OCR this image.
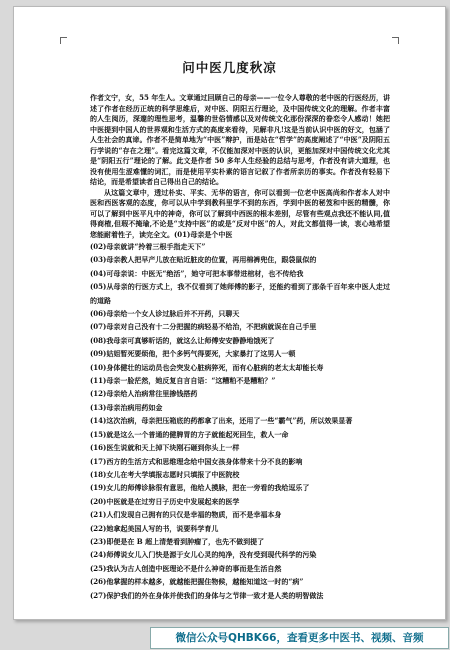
问中医几度秋凉

作者文宁，女，55 年生人。文章通过回顾自己的母亲——一位令人尊敬的老中医的行医经历，讲述了作者在经历正统的科学思维后，对中医、阴阳五行理论，及中国传统文化的理解。作者丰富的人生阅历，深邃的理性思考，温馨的世俗情感以及对传统文化那份深深的眷恋令人感动！她把中医提到中国人的世界观和生活方式的高度来看待，见解非凡!这是当前认识中医的好文，包涵了人生社会的真谛。作者不是简单地为“中医”辩护，而是站在“哲学”的高度阐述了“中医”及阴阳五行学说的“存在之理”。看完这篇文章，不仅能加深对中医的认识，更能加深对中国传统文化尤其是“阴阳五行”理论的了解。此文是作者 50 多年人生经验的总结与思考，作者没有讲大道理，也没有使用生涩难懂的词汇，而是使用平实朴素的语言记叙了作者所亲历的事实。作者没有轻易下结论，而是希望读者自己得出自己的结论。

从这篇文章中，透过朴实、平实、无华的语言，你可以看到一位老中医高尚和作者本人对中医和西医客观的态度，你可以从中学到教科里学不到的东西，学到中医的秘笈和中医的精髓，你可以了解到中医平凡中的神奇，你可以了解到中西医的根本差别，尽管有些观点我还不能认同,值得商榷,但瑕不掩瑜,不论是“支持中医”的或是“反对中医”的人，对此文都值得一读，衷心地希望您能耐着性子，读完全文。(01)母亲是个中医

(02)母亲就讲“拎着三根手指走天下”
(03)母亲教人把早产儿放在贴近脏皮的位置，再用棉裤兜住，跟袋鼠似的
(04)可母亲说：中医无“绝活”，她守可把本事带进棺材，也不传给我
(05)从母亲的行医方式上，我不仅看到了她师傅的影子，还能约看到了那条千百年来中医人走过的道路
(06)母亲给一个女人诊过脉后并不开药，只聊天
(07)母亲对自己没有十二分把握的病轻易不给治，不把病就误在自己手里
(08)我母亲可真够昕话的，就这么让师傅安安静静地饿死了
(09)姑姐暂死要烦他，把个多钙气得要死，大家暴打了这男人一顿
(10)身体健壮的运动员也会突发心脏病猝死，而有心脏病的老太太却能长寿
(11)母亲一脸茫然，她反复自言自语：“这糟粕不是糟粕？”
(12)母亲给人治病常往里掺钱搭药
(13)母亲治病用药如金
(14)这次治病，母亲把压箱底的药都拿了出来，还用了一些“霸气”药，所以效果显著
(15)就是这么一个普通的健脾胃的方子就能起死回生，救人一命
(16)医生说就和天上掉下块刚石砸到你头上一样
(17)西方的生活方式和思维理念给中国女孩身体带来十分不良的影响
(18)女儿在考大学填报志愿时只填报了中医院校
(19)女儿的师傅诊脉很有意思，他给人摸脉，把在一旁看的我给逗乐了
(20)中医就是在过穷日子历史中发展起来的医学
(21)人们发现自己拥有的只仅是幸福的物质，而不是幸福本身
(22)她拿起美国人写的书，说要科学育儿
(23)即便是在 B 超上清楚看到肿瘤了，也先不做到提了
(24)师傅说女儿入门快是源于女儿心灵的纯净，没有受到现代科学的污染
(25)我认为古人创造中医理论不是什么神奇的事而是生活自然
(26)他掌握的样本越多，就越能把握住物候，越能知道这一时的“病”
(27)保护我们的外在身体并使我们的身体与之节律一致才是人类的明智做法
微信公众号QHBK66，查看更多中医书、视频、音频
